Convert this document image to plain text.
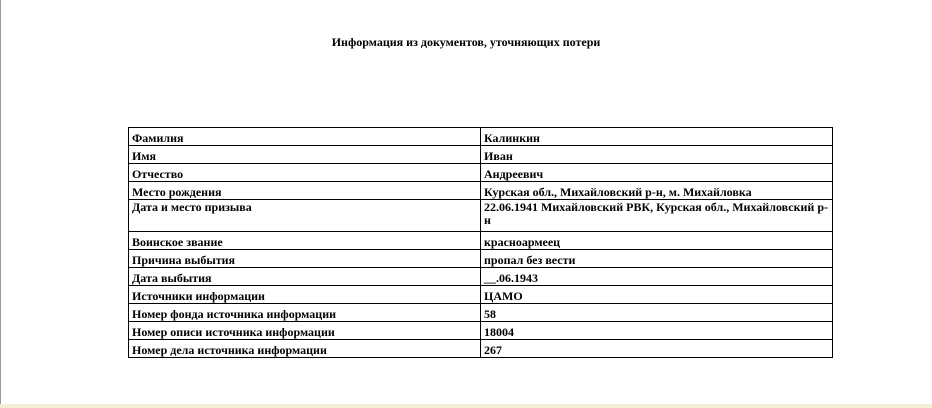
Информация из документов, уточняющих потери
Фамилия	Калинкин
Имя	Иван
Отчество	Андреевич
Место рождения	Курская обл., Михайловский р-н, м. Михайловка
Дата и место призыва	22.06.1941 Михайловский РВК, Курская обл., Михайловский р-н
Воинское звание	красноармеец
Причина выбытия	пропал без вести
Дата выбытия	__.06.1943
Источники информации	ЦАМО
Номер фонда источника информации	58
Номер описи источника информации	18004
Номер дела источника информации	267
